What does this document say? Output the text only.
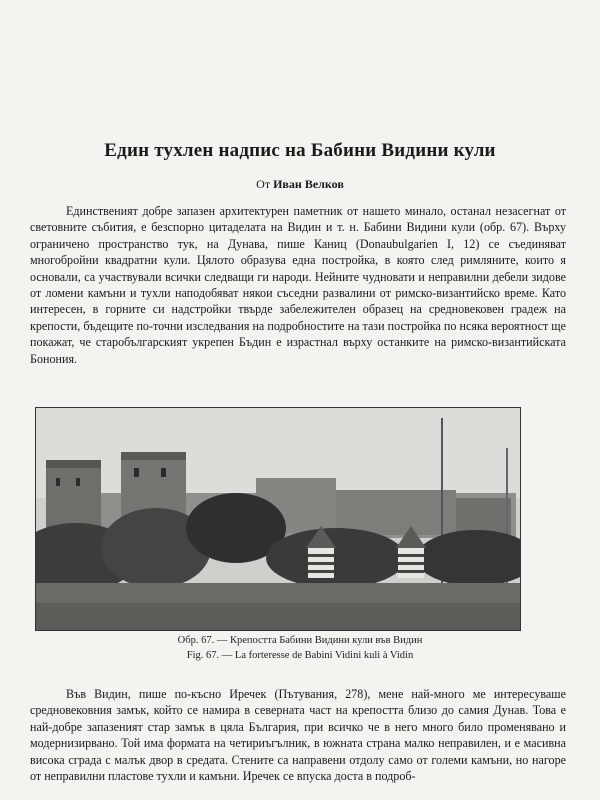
Един тухлен надпис на Бабини Видини кули
От Иван Велков

Единственият добре запазен архитектурен паметник от нашето минало, останал незасегнат от световните събития, е безспорно цитаделата на Видин и т. н. Бабини Видини кули (обр. 67). Върху ограничено пространство тук, на Дунава, пише Каниц (Donaubulgarien I, 12) се съединяват многобройни квадратни кули. Цялото образува една постройка, в която след римляните, които я основали, са участвували всички следващи ги народи. Нейните чудновати и неправилни дебели зидове от ломени камъни и тухли наподобяват някои съседни развалини от римско-византийско време. Като интересен, в горните си надстройки твърде забележителен образец на средновековен градеж на крепости, бъдещите по-точни изследвания на подробностите на тази постройка по нсяка вероятност ще покажат, че старобългарският укрепен Бъдин е израстнал върху останките на римско-византийската Бонония.

Обр. 67. — Крепостта Бабини Видини кули във Видин
Fig. 67. — La forteresse de Babini Vidini kuli à Vidin

Във Видин, пише по-късно Иречек (Пътувания, 278), мене най-много ме интересуваше средновековния замък, който се намира в северната част на крепостта близо до самия Дунав. Това е най-добре запазеният стар замък в цяла България, при всичко че в него много било променявано и модернизирвано. Той има формата на четириъгълник, в южната страна малко неправилен, и е масивна висока сграда с малък двор в средата. Стените са направени отдолу само от големи камъни, но нагоре от неправилни пластове тухли и камъни. Иречек се впуска доста в подроб-
